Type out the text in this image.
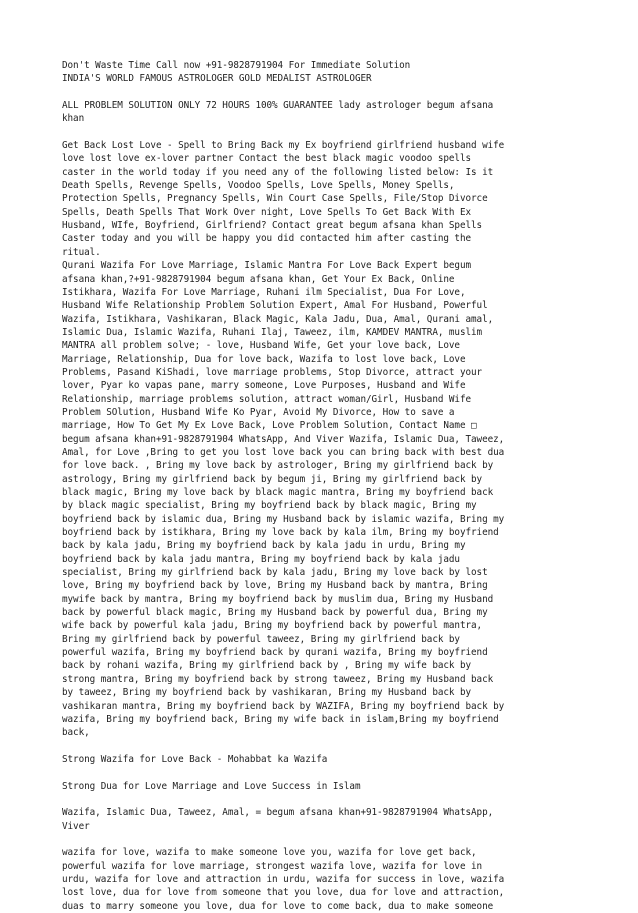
Don't Waste Time Call now +91-9828791904 For Immediate Solution
INDIA'S WORLD FAMOUS ASTROLOGER GOLD MEDALIST ASTROLOGER
ALL PROBLEM SOLUTION ONLY 72 HOURS 100% GUARANTEE lady astrologer begum afsana
khan
Get Back Lost Love - Spell to Bring Back my Ex boyfriend girlfriend husband wife
love lost love ex-lover partner Contact the best black magic voodoo spells
caster in the world today if you need any of the following listed below: Is it
Death Spells, Revenge Spells, Voodoo Spells, Love Spells, Money Spells,
Protection Spells, Pregnancy Spells, Win Court Case Spells, File/Stop Divorce
Spells, Death Spells That Work Over night, Love Spells To Get Back With Ex
Husband, WIfe, Boyfriend, Girlfriend? Contact great begum afsana khan Spells
Caster today and you will be happy you did contacted him after casting the
ritual.
Qurani Wazifa For Love Marriage, Islamic Mantra For Love Back Expert begum
afsana khan,?+91-9828791904 begum afsana khan, Get Your Ex Back, Online
Istikhara, Wazifa For Love Marriage, Ruhani ilm Specialist, Dua For Love,
Husband Wife Relationship Problem Solution Expert, Amal For Husband, Powerful
Wazifa, Istikhara, Vashikaran, Black Magic, Kala Jadu, Dua, Amal, Qurani amal,
Islamic Dua, Islamic Wazifa, Ruhani Ilaj, Taweez, ilm, KAMDEV MANTRA, muslim
MANTRA all problem solve; - love, Husband Wife, Get your love back, Love
Marriage, Relationship, Dua for love back, Wazifa to lost love back, Love
Problems, Pasand KiShadi, love marriage problems, Stop Divorce, attract your
lover, Pyar ko vapas pane, marry someone, Love Purposes, Husband and Wife
Relationship, marriage problems solution, attract woman/Girl, Husband Wife
Problem SOlution, Husband Wife Ko Pyar, Avoid My Divorce, How to save a
marriage, How To Get My Ex Love Back, Love Problem Solution, Contact Name □
begum afsana khan+91-9828791904 WhatsApp, And Viver Wazifa, Islamic Dua, Taweez,
Amal, for Love ,Bring to get you lost love back you can bring back with best dua
for love back. , Bring my love back by astrologer, Bring my girlfriend back by
astrology, Bring my girlfriend back by begum ji, Bring my girlfriend back by
black magic, Bring my love back by black magic mantra, Bring my boyfriend back
by black magic specialist, Bring my boyfriend back by black magic, Bring my
boyfriend back by islamic dua, Bring my Husband back by islamic wazifa, Bring my
boyfriend back by istikhara, Bring my love back by kala ilm, Bring my boyfriend
back by kala jadu, Bring my boyfriend back by kala jadu in urdu, Bring my
boyfriend back by kala jadu mantra, Bring my boyfriend back by kala jadu
specialist, Bring my girlfriend back by kala jadu, Bring my love back by lost
love, Bring my boyfriend back by love, Bring my Husband back by mantra, Bring
mywife back by mantra, Bring my boyfriend back by muslim dua, Bring my Husband
back by powerful black magic, Bring my Husband back by powerful dua, Bring my
wife back by powerful kala jadu, Bring my boyfriend back by powerful mantra,
Bring my girlfriend back by powerful taweez, Bring my girlfriend back by
powerful wazifa, Bring my boyfriend back by qurani wazifa, Bring my boyfriend
back by rohani wazifa, Bring my girlfriend back by , Bring my wife back by
strong mantra, Bring my boyfriend back by strong taweez, Bring my Husband back
by taweez, Bring my boyfriend back by vashikaran, Bring my Husband back by
vashikaran mantra, Bring my boyfriend back by WAZIFA, Bring my boyfriend back by
wazifa, Bring my boyfriend back, Bring my wife back in islam,Bring my boyfriend
back,
Strong Wazifa for Love Back - Mohabbat ka Wazifa
Strong Dua for Love Marriage and Love Success in Islam
Wazifa, Islamic Dua, Taweez, Amal, = begum afsana khan+91-9828791904 WhatsApp,
Viver
wazifa for love, wazifa to make someone love you, wazifa for love get back,
powerful wazifa for love marriage, strongest wazifa love, wazifa for love in
urdu, wazifa for love and attraction in urdu, wazifa for success in love, wazifa
lost love, dua for love from someone that you love, dua for love and attraction,
duas to marry someone you love, dua for love to come back, dua to make someone
